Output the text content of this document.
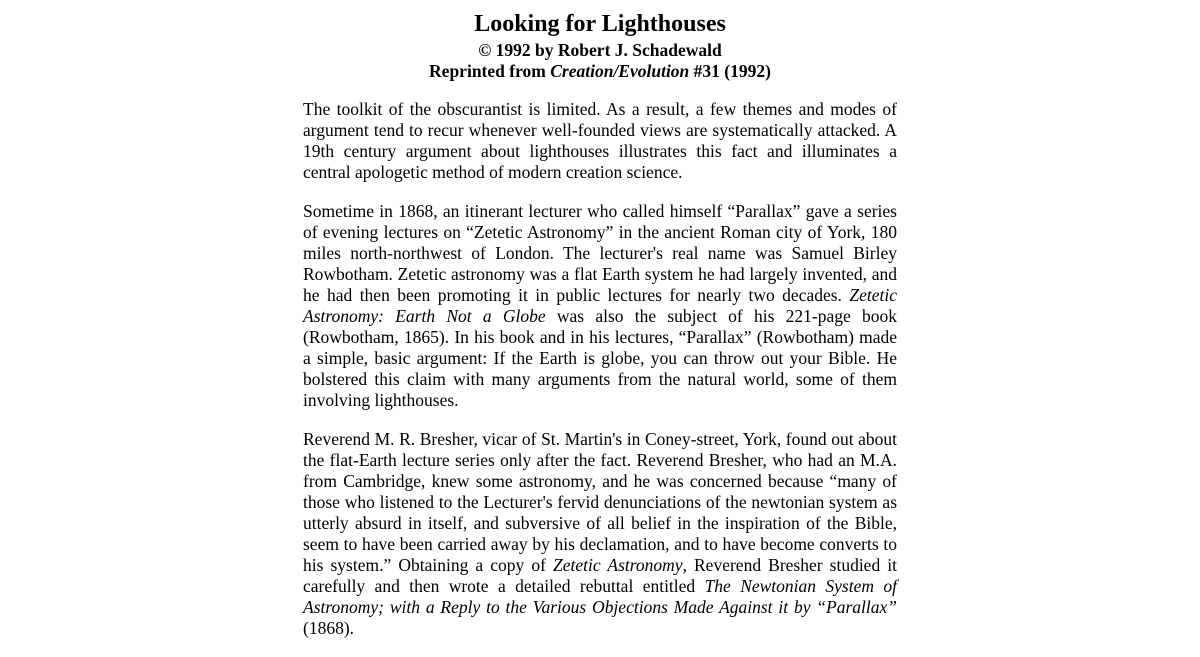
Looking for Lighthouses

© 1992 by Robert J. Schadewald

Reprinted from Creation/Evolution #31 (1992)

The toolkit of the obscurantist is limited. As a result, a few themes and modes of argument tend to recur whenever well-founded views are systematically attacked. A 19th century argument about lighthouses illustrates this fact and illuminates a central apologetic method of modern creation science.

Sometime in 1868, an itinerant lecturer who called himself “Parallax” gave a series of evening lectures on “Zetetic Astronomy” in the ancient Roman city of York, 180 miles north-northwest of London. The lecturer's real name was Samuel Birley Rowbotham. Zetetic astronomy was a flat Earth system he had largely invented, and he had then been promoting it in public lectures for nearly two decades. Zetetic Astronomy: Earth Not a Globe was also the subject of his 221-page book (Rowbotham, 1865). In his book and in his lectures, “Parallax” (Rowbotham) made a simple, basic argument: If the Earth is globe, you can throw out your Bible. He bolstered this claim with many arguments from the natural world, some of them involving lighthouses.

Reverend M. R. Bresher, vicar of St. Martin's in Coney-street, York, found out about the flat-Earth lecture series only after the fact. Reverend Bresher, who had an M.A. from Cambridge, knew some astronomy, and he was concerned because “many of those who listened to the Lecturer's fervid denunciations of the newtonian system as utterly absurd in itself, and subversive of all belief in the inspiration of the Bible, seem to have been carried away by his declamation, and to have become converts to his system.” Obtaining a copy of Zetetic Astronomy, Reverend Bresher studied it carefully and then wrote a detailed rebuttal entitled The Newtonian System of Astronomy; with a Reply to the Various Objections Made Against it by “Parallax” (1868).
